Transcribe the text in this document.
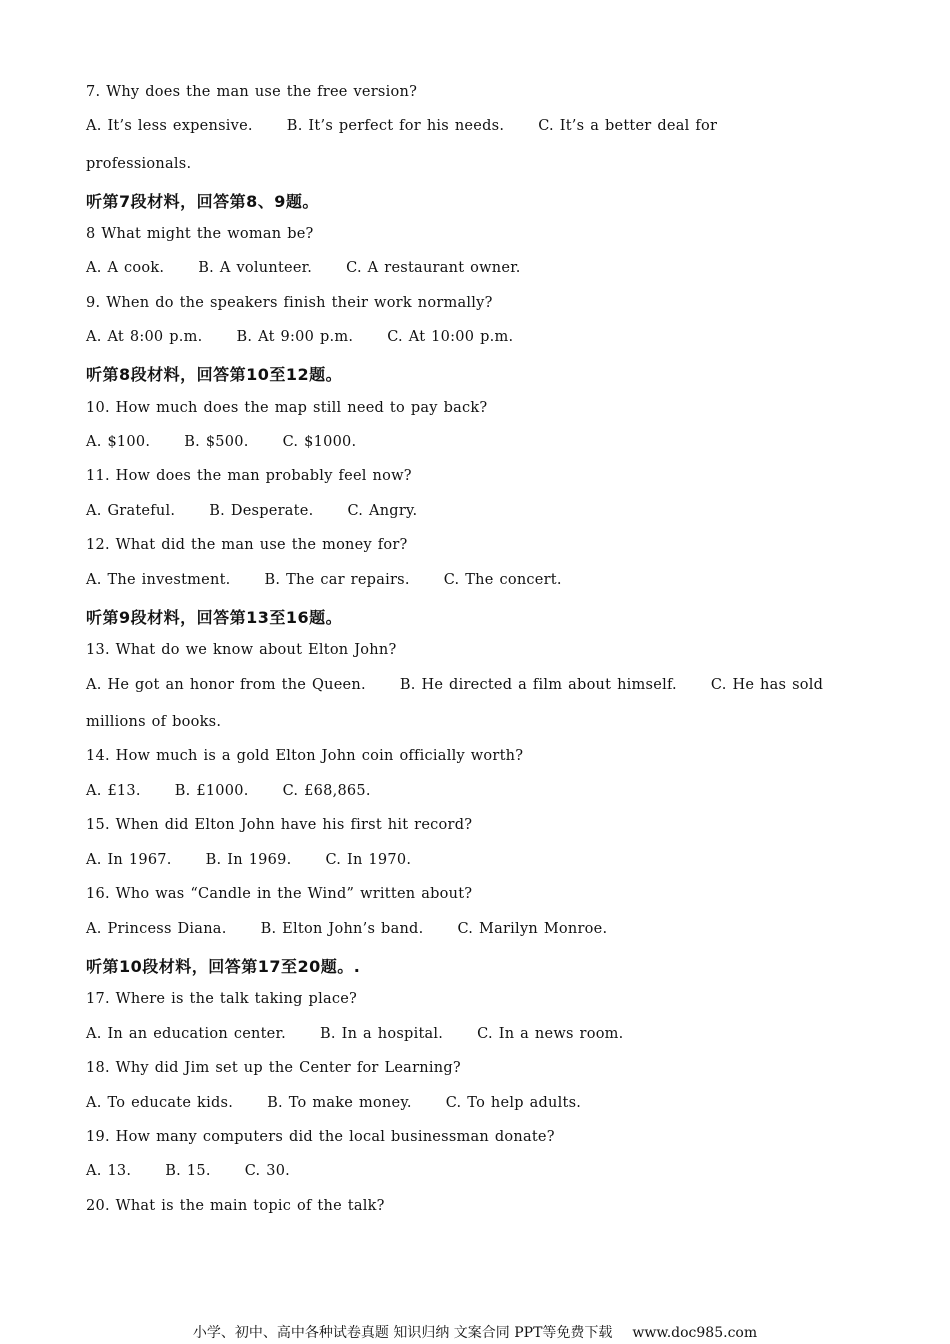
7. Why does the man use the free version?
A. It’s less expensive. B. It’s perfect for his needs. C. It’s a better deal for
professionals.
听第7段材料，回答第8、9题。
8 What might the woman be?
A. A cook. B. A volunteer. C. A restaurant owner.
9. When do the speakers finish their work normally?
A. At 8:00 p.m. B. At 9:00 p.m. C. At 10:00 p.m.
听第8段材料，回答第10至12题。
10. How much does the map still need to pay back?
A. $100. B. $500. C. $1000.
11. How does the man probably feel now?
A. Grateful. B. Desperate. C. Angry.
12. What did the man use the money for?
A. The investment. B. The car repairs. C. The concert.
听第9段材料，回答第13至16题。
13. What do we know about Elton John?
A. He got an honor from the Queen. B. He directed a film about himself. C. He has sold
millions of books.
14. How much is a gold Elton John coin officially worth?
A. £13. B. £1000. C. £68,865.
15. When did Elton John have his first hit record?
A. In 1967. B. In 1969. C. In 1970.
16. Who was “Candle in the Wind” written about?
A. Princess Diana. B. Elton John’s band. C. Marilyn Monroe.
听第10段材料，回答第17至20题。.
17. Where is the talk taking place?
A. In an education center. B. In a hospital. C. In a news room.
18. Why did Jim set up the Center for Learning?
A. To educate kids. B. To make money. C. To help adults.
19. How many computers did the local businessman donate?
A. 13. B. 15. C. 30.
20. What is the main topic of the talk?
小学、初中、高中各种试卷真题 知识归纳 文案合同 PPT等免费下载 www.doc985.com
